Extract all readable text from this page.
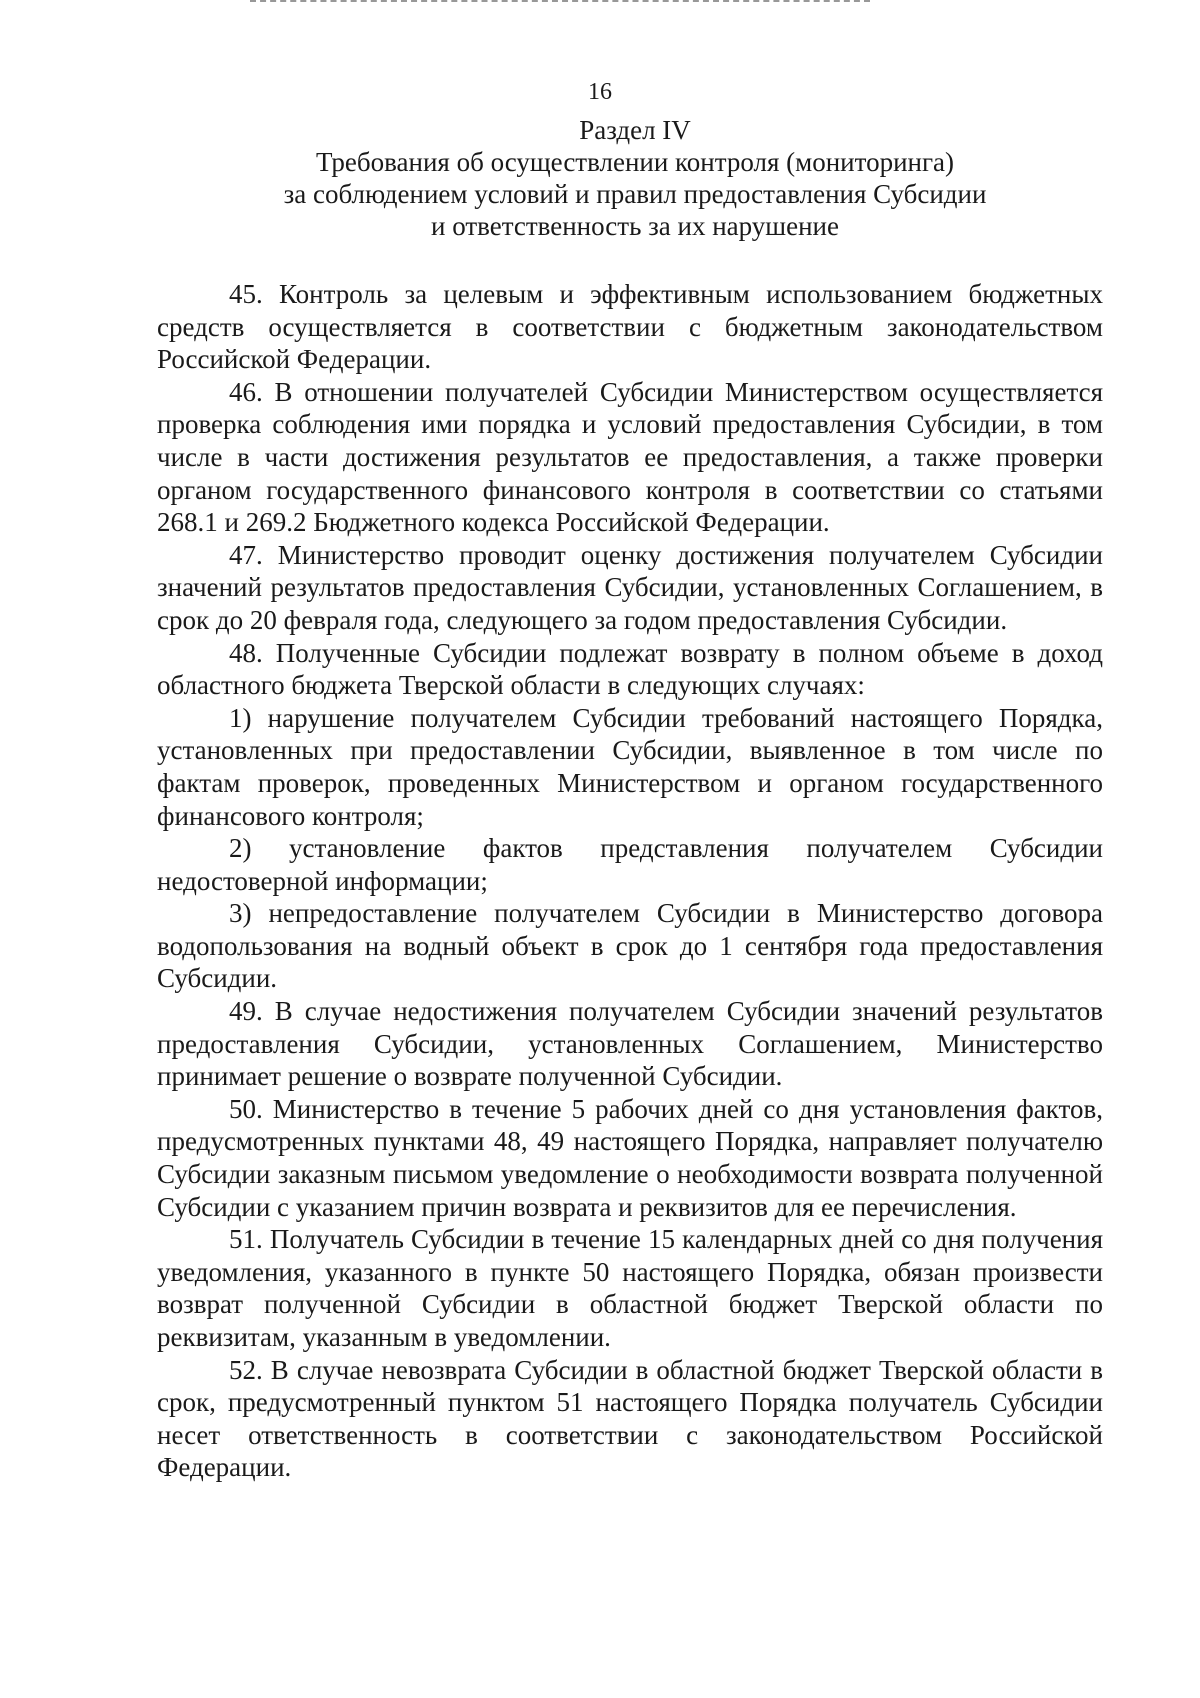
16
Раздел IV
Требования об осуществлении контроля (мониторинга)
за соблюдением условий и правил предоставления Субсидии
и ответственность за их нарушение

45. Контроль за целевым и эффективным использованием бюджетных средств осуществляется в соответствии с бюджетным законодательством Российской Федерации.

46. В отношении получателей Субсидии Министерством осуществляется проверка соблюдения ими порядка и условий предоставления Субсидии, в том числе в части достижения результатов ее предоставления, а также проверки органом государственного финансового контроля в соответствии со статьями 268.1 и 269.2 Бюджетного кодекса Российской Федерации.

47. Министерство проводит оценку достижения получателем Субсидии значений результатов предоставления Субсидии, установленных Соглашением, в срок до 20 февраля года, следующего за годом предоставления Субсидии.

48. Полученные Субсидии подлежат возврату в полном объеме в доход областного бюджета Тверской области в следующих случаях:

1) нарушение получателем Субсидии требований настоящего Порядка, установленных при предоставлении Субсидии, выявленное в том числе по фактам проверок, проведенных Министерством и органом государственного финансового контроля;

2) установление фактов представления получателем Субсидии недостоверной информации;

3) непредоставление получателем Субсидии в Министерство договора водопользования на водный объект в срок до 1 сентября года предоставления Субсидии.

49. В случае недостижения получателем Субсидии значений результатов предоставления Субсидии, установленных Соглашением, Министерство принимает решение о возврате полученной Субсидии.

50. Министерство в течение 5 рабочих дней со дня установления фактов, предусмотренных пунктами 48, 49 настоящего Порядка, направляет получателю Субсидии заказным письмом уведомление о необходимости возврата полученной Субсидии с указанием причин возврата и реквизитов для ее перечисления.

51. Получатель Субсидии в течение 15 календарных дней со дня получения уведомления, указанного в пункте 50 настоящего Порядка, обязан произвести возврат полученной Субсидии в областной бюджет Тверской области по реквизитам, указанным в уведомлении.

52. В случае невозврата Субсидии в областной бюджет Тверской области в срок, предусмотренный пунктом 51 настоящего Порядка получатель Субсидии несет ответственность в соответствии с законодательством Российской Федерации.
